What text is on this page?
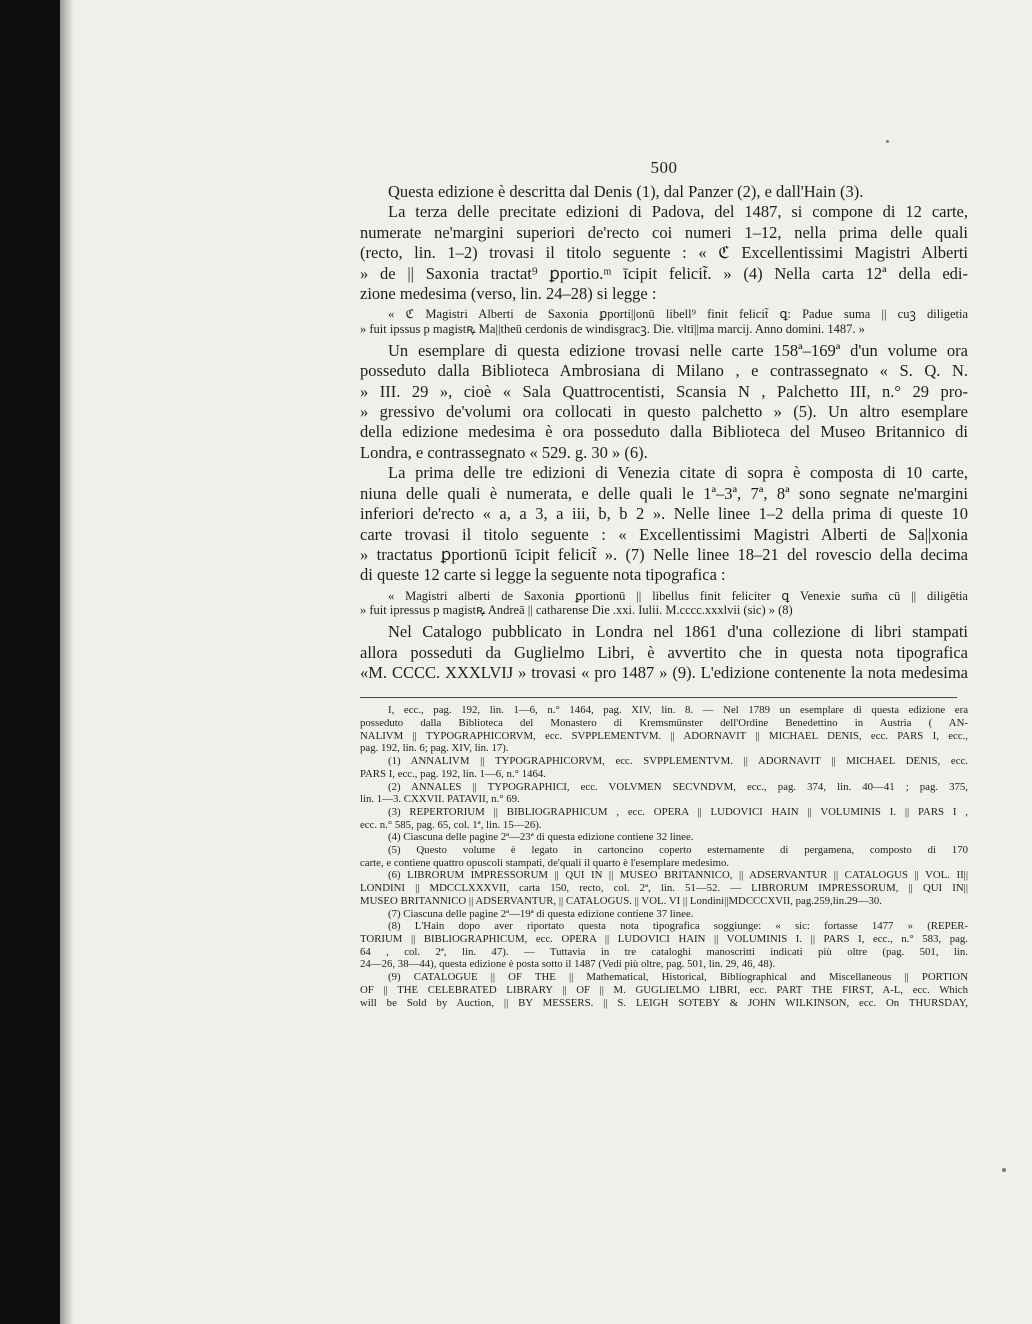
500
Questa edizione è descritta dal Denis (1), dal Panzer (2), e dall'Hain (3).
La terza delle precitate edizioni di Padova, del 1487, si compone di 12 carte,
numerate ne'margini superiori de'recto coi numeri 1–12, nella prima delle quali
(recto, lin. 1–2) trovasi il titolo seguente : « ℭ Excellentissimi Magistri Alberti
» de || Saxonia tractat⁹ ꝑportio.ᵐ īcipit felicit̃. » (4) Nella carta 12ª della edi-
zione medesima (verso, lin. 24–28) si legge :
« ℭ Magistri Alberti de Saxonia ꝑporti||onū libell⁹ finit felicit̃ ꝗ: Padue suma || cuꝫ diligetia
» fuit ipssus p magistꝶ Ma||theū cerdonis de windisgracꝫ. Die. vltī||ma marcij. Anno domini. 1487. »
Un esemplare di questa edizione trovasi nelle carte 158ª–169ª d'un volume ora
posseduto dalla Biblioteca Ambrosiana di Milano , e contrassegnato « S. Q. N.
» III. 29 », cioè « Sala Quattrocentisti, Scansia N , Palchetto III, n.° 29 pro-
» gressivo de'volumi ora collocati in questo palchetto » (5). Un altro esemplare
della edizione medesima è ora posseduto dalla Biblioteca del Museo Britannico di
Londra, e contrassegnato « 529. g. 30 » (6).
La prima delle tre edizioni di Venezia citate di sopra è composta di 10 carte,
niuna delle quali è numerata, e delle quali le 1ª–3ª, 7ª, 8ª sono segnate ne'margini
inferiori de'recto « a, a 3, a iii, b, b 2 ». Nelle linee 1–2 della prima di queste 10
carte trovasi il titolo seguente : « Excellentissimi Magistri Alberti de Sa||xonia
» tractatus ꝑportionū īcipit felicit̃ ». (7) Nelle linee 18–21 del rovescio della decima
di queste 12 carte si legge la seguente nota tipografica :
« Magistri alberti de Saxonia ꝑportionū || libellus finit feliciter ꝗ Venexie sum̄a cū || diligētia
» fuit ipressus p magistꝶ Andreā || catharense Die .xxi. Iulii. M.cccc.xxxlvii (sic) » (8)
Nel Catalogo pubblicato in Londra nel 1861 d'una collezione di libri stampati
allora posseduti da Guglielmo Libri, è avvertito che in questa nota tipografica
«M. CCCC. XXXLVIJ » trovasi « pro 1487 » (9). L'edizione contenente la nota medesima
I, ecc., pag. 192, lin. 1—6, n.° 1464, pag. XIV, lin. 8. — Nel 1789 un esemplare di questa edizione era
posseduto dalla Biblioteca del Monastero di Kremsmünster dell'Ordine Benedettino in Austria ( AN-
NALIVM || TYPOGRAPHICORVM, ecc. SVPPLEMENTVM. || ADORNAVIT || MICHAEL DENIS, ecc. PARS I, ecc.,
pag. 192, lin. 6; pag. XIV, lin. 17).
(1) ANNALIVM || TYPOGRAPHICORVM, ecc. SVPPLEMENTVM. || ADORNAVIT || MICHAEL DENIS, ecc.
PARS I, ecc., pag. 192, lin. 1—6, n.° 1464.
(2) ANNALES || TYPOGRAPHICI, ecc. VOLVMEN SECVNDVM, ecc., pag. 374, lin. 40—41 ; pag. 375,
lin. 1—3. CXXVII. PATAVII, n.° 69.
(3) REPERTORIUM || BIBLIOGRAPHICUM , ecc. OPERA || LUDOVICI HAIN || VOLUMINIS I. || PARS I ,
ecc. n.° 585, pag. 65, col. 1ª, lin. 15—26).
(4) Ciascuna delle pagine 2ª—23ª di questa edizione contiene 32 linee.
(5) Questo volume è legato in cartoncino coperto esternamente di pergamena, composto di 170
carte, e contiene quattro opuscoli stampati, de'quali il quarto è l'esemplare medesimo.
(6) LIBRORUM IMPRESSORUM || QUI IN || MUSEO BRITANNICO, || ADSERVANTUR || CATALOGUS || VOL. II||
LONDINI || MDCCLXXXVII, carta 150, recto, col. 2ª, lin. 51—52. — LIBRORUM IMPRESSORUM, || QUI IN||
MUSEO BRITANNICO || ADSERVANTUR, || CATALOGUS. || VOL. VI || Londini||MDCCCXVII, pag.259,lin.29—30.
(7) Ciascuna delle pagine 2ª—19ª di questa edizione contiene 37 linee.
(8) L'Hain dopo aver riportato questa nota tipografica soggiunge: « sic: fortasse 1477 » (REPER-
TORIUM || BIBLIOGRAPHICUM, ecc. OPERA || LUDOVICI HAIN || VOLUMINIS I. || PARS I, ecc., n.° 583, pag.
64 , col. 2ª, lin. 47). — Tuttavia in tre cataloghi manoscritti indicati più oltre (pag. 501, lin.
24—26, 38—44), questa edizione è posta sotto il 1487 (Vedi più oltre, pag. 501, lin. 29, 46, 48).
(9) CATALOGUE || OF THE || Mathematical, Historical, Bibliographical and Miscellaneous || PORTION
OF || THE CELEBRATED LIBRARY || OF || M. GUGLIELMO LIBRI, ecc. PART THE FIRST, A-L, ecc. Which
will be Sold by Auction, || BY MESSERS. || S. LEIGH SOTEBY & JOHN WILKINSON, ecc. On THURSDAY,
